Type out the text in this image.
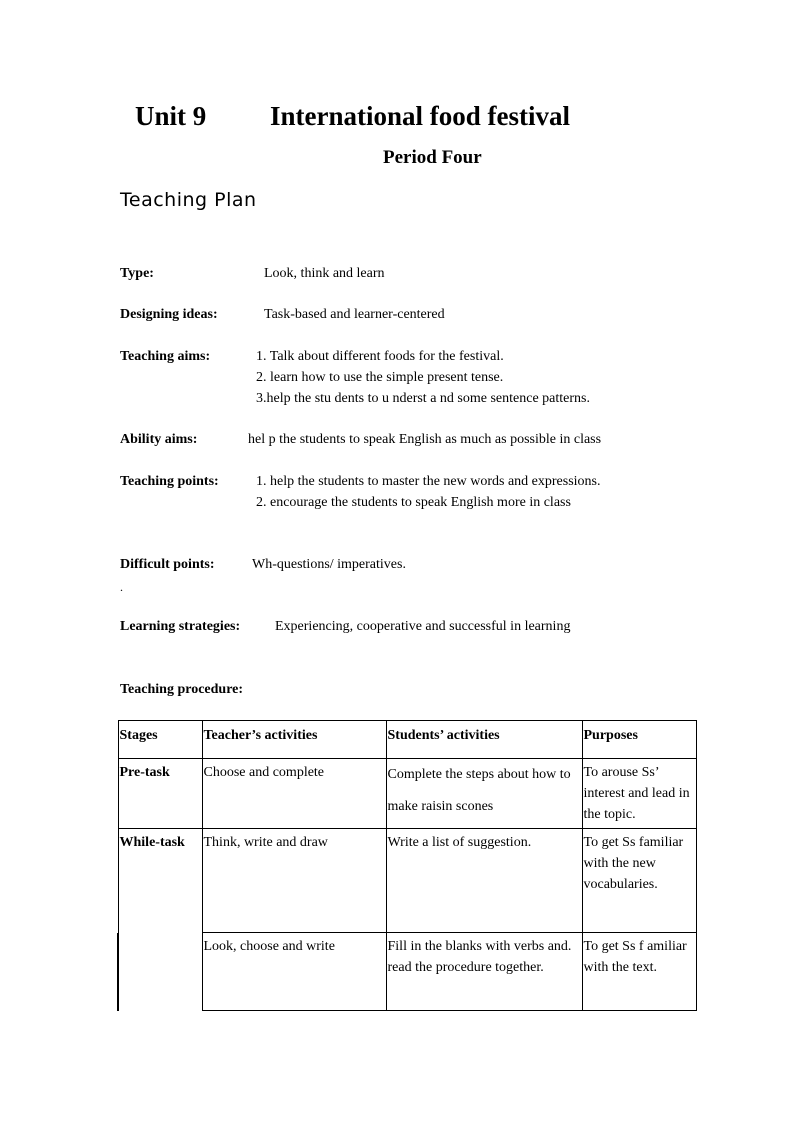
Unit 9 International food festival
Period Four
Teaching Plan
Type:	Look, think and learn
Designing ideas:	Task-based and learner-centered
Teaching aims:	1. Talk about different foods for the festival.
2. learn how to use the simple present tense.
3.help the stu dents to u nderst a nd some sentence patterns.
Ability aims:	hel p the students to speak English as much as possible in class
Teaching points:	1. help the students to master the new words and expressions.
2. encourage the students to speak English more in class
Difficult points:	Wh-questions/ imperatives.
.
Learning strategies: Experiencing, cooperative and successful in learning
Teaching procedure:
Stages	Teacher’s activities	Students’ activities	Purposes
Pre-task	Choose and complete	Complete the steps about how to make raisin scones	To arouse Ss’ interest and lead in the topic.
While-task	Think, write and draw	Write a list of suggestion.	To get Ss familiar with the new vocabularies.
	Look, choose and write	Fill in the blanks with verbs and. read the procedure together.	To get Ss f amiliar with the text.
